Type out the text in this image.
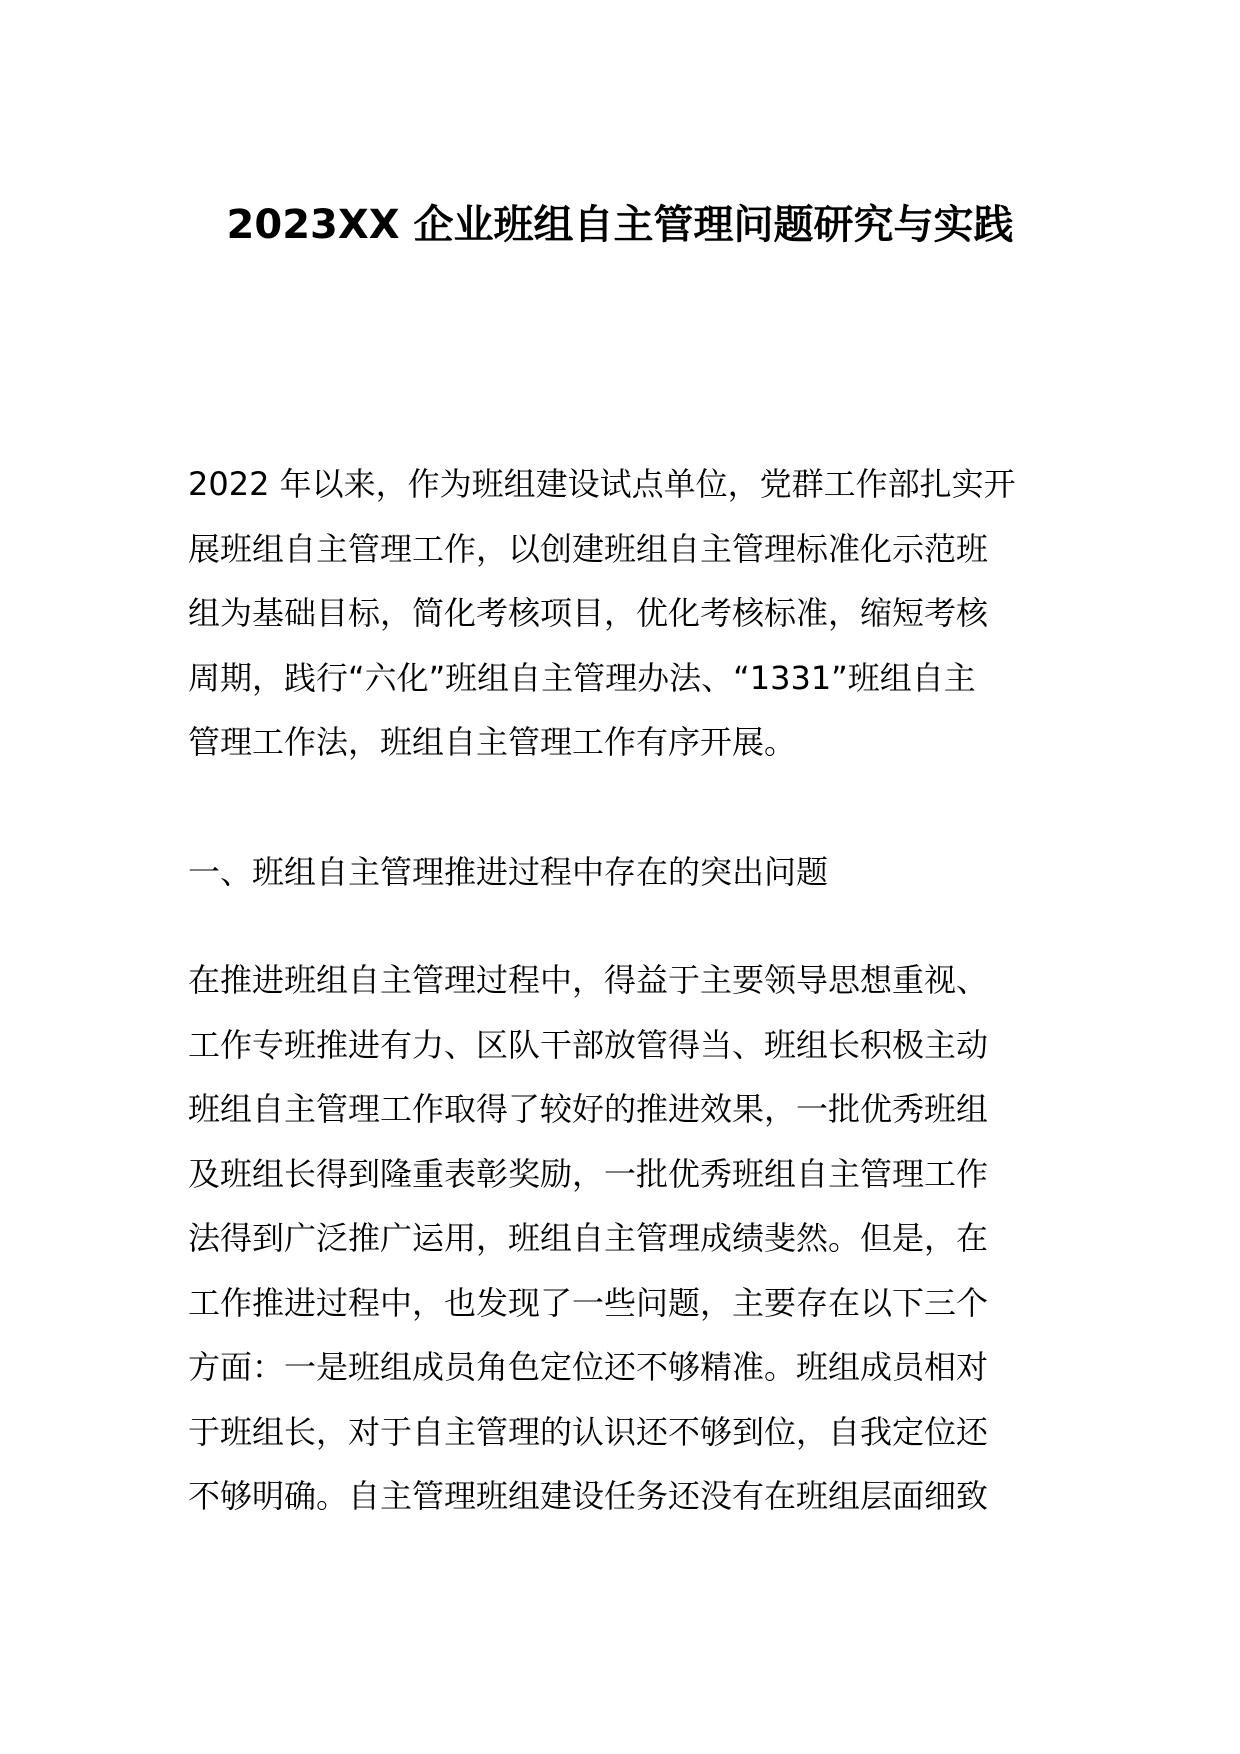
2023XX 企业班组自主管理问题研究与实践
2022 年以来，作为班组建设试点单位，党群工作部扎实开
展班组自主管理工作，以创建班组自主管理标准化示范班
组为基础目标，简化考核项目，优化考核标准，缩短考核
周期，践行“六化”班组自主管理办法、“1331”班组自主
管理工作法，班组自主管理工作有序开展。
一、班组自主管理推进过程中存在的突出问题
在推进班组自主管理过程中，得益于主要领导思想重视、
工作专班推进有力、区队干部放管得当、班组长积极主动
班组自主管理工作取得了较好的推进效果，一批优秀班组
及班组长得到隆重表彰奖励，一批优秀班组自主管理工作
法得到广泛推广运用，班组自主管理成绩斐然。但是，在
工作推进过程中，也发现了一些问题，主要存在以下三个
方面：一是班组成员角色定位还不够精准。班组成员相对
于班组长，对于自主管理的认识还不够到位，自我定位还
不够明确。自主管理班组建设任务还没有在班组层面细致
